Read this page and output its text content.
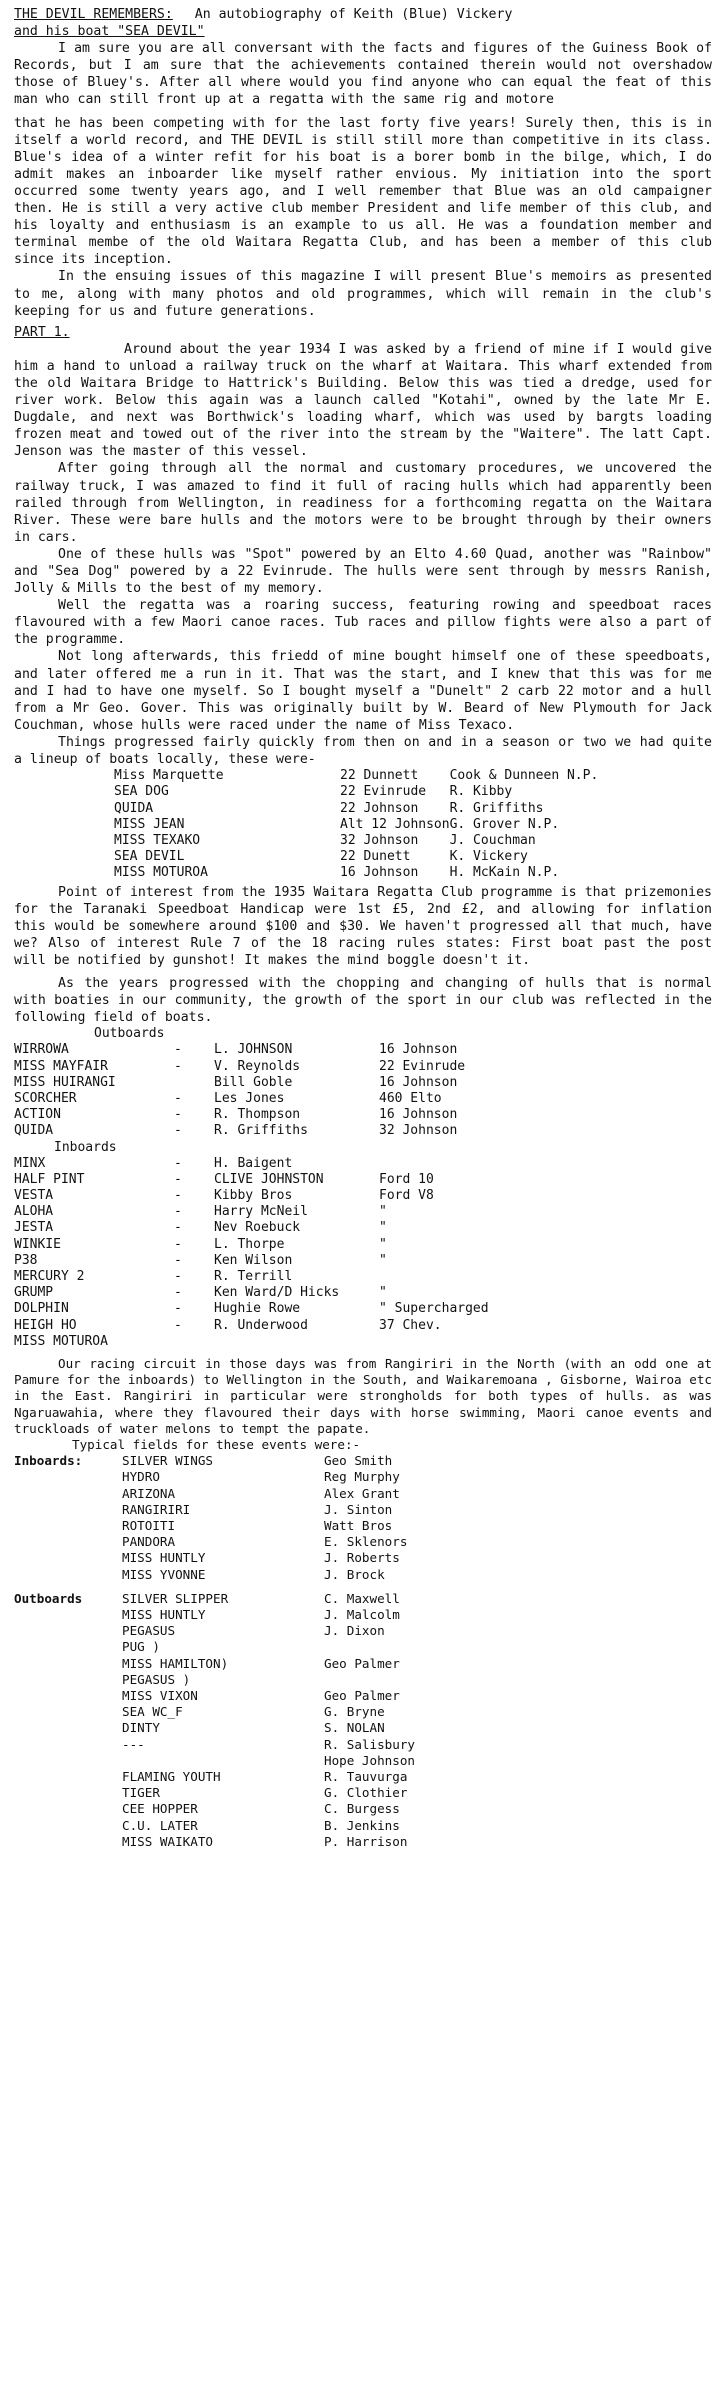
THE DEVIL REMEMBERS: An autobiography of Keith (Blue) Vickery
and his boat "SEA DEVIL"

I am sure you are all conversant with the facts and figures of the Guiness Book of Records, but I am sure that the achievements contained therein would not overshadow those of Bluey's. After all where would you find anyone who can equal the feat of this man who can still front up at a regatta with the same rig and motore

that he has been competing with for the last forty five years! Surely then, this is in itself a world record, and THE DEVIL is still still more than competitive in its class. Blue's idea of a winter refit for his boat is a borer bomb in the bilge, which, I do admit makes an inboarder like myself rather envious. My initiation into the sport occurred some twenty years ago, and I well remember that Blue was an old campaigner then. He is still a very active club member President and life member of this club, and his loyalty and enthusiasm is an example to us all. He was a foundation member and terminal membe of the old Waitara Regatta Club, and has been a member of this club since its inception.

In the ensuing issues of this magazine I will present Blue's memoirs as presented to me, along with many photos and old programmes, which will remain in the club's keeping for us and future generations.

PART 1.

Around about the year 1934 I was asked by a friend of mine if I would give him a hand to unload a railway truck on the wharf at Waitara. This wharf extended from the old Waitara Bridge to Hattrick's Building. Below this was tied a dredge, used for river work. Below this again was a launch called "Kotahi", owned by the late Mr E. Dugdale, and next was Borthwick's loading wharf, which was used by bargts loading frozen meat and towed out of the river into the stream by the "Waitere". The latt Capt. Jenson was the master of this vessel.

After going through all the normal and customary procedures, we uncovered the railway truck, I was amazed to find it full of racing hulls which had apparently been railed through from Wellington, in readiness for a forthcoming regatta on the Waitara River. These were bare hulls and the motors were to be brought through by their owners in cars.

One of these hulls was "Spot" powered by an Elto 4.60 Quad, another was "Rainbow" and "Sea Dog" powered by a 22 Evinrude. The hulls were sent through by messrs Ranish, Jolly & Mills to the best of my memory.

Well the regatta was a roaring success, featuring rowing and speedboat races flavoured with a few Maori canoe races. Tub races and pillow fights were also a part of the programme.

Not long afterwards, this friedd of mine bought himself one of these speedboats, and later offered me a run in it. That was the start, and I knew that this was for me and I had to have one myself. So I bought myself a "Dunelt" 2 carb 22 motor and a hull from a Mr Geo. Gover. This was originally built by W. Beard of New Plymouth for Jack Couchman, whose hulls were raced under the name of Miss Texaco.

Things progressed fairly quickly from then on and in a season or two we had quite a lineup of boats locally, these were-

Miss Marquette	22 Dunnett	Cook & Dunneen N.P.
SEA DOG	22 Evinrude	R. Kibby
QUIDA	22 Johnson	R. Griffiths
MISS JEAN	Alt 12 Johnson	G. Grover N.P.
MISS TEXAKO	32 Johnson	J. Couchman
SEA DEVIL	22 Dunett	K. Vickery
MISS MOTUROA	16 Johnson	H. McKain N.P.

Point of interest from the 1935 Waitara Regatta Club programme is that prizemonies for the Taranaki Speedboat Handicap were 1st £5, 2nd £2, and allowing for inflation this would be somewhere around $100 and $30. We haven't progressed all that much, have we? Also of interest Rule 7 of the 18 racing rules states: First boat past the post will be notified by gunshot! It makes the mind boggle doesn't it.

As the years progressed with the chopping and changing of hulls that is normal with boaties in our community, the growth of the sport in our club was reflected in the following field of boats.

Outboards
WIRROWA	-	L. JOHNSON	16 Johnson
MISS MAYFAIR	-	V. Reynolds	22 Evinrude
MISS HUIRANGI		Bill Goble	16 Johnson
SCORCHER	-	Les Jones	460 Elto
ACTION	-	R. Thompson	16 Johnson
QUIDA	-	R. Griffiths	32 Johnson
Inboards
MINX	-	H. Baigent	
HALF PINT	-	CLIVE JOHNSTON	Ford 10
VESTA	-	Kibby Bros	Ford V8
ALOHA	-	Harry McNeil	"
JESTA	-	Nev Roebuck	"
WINKIE	-	L. Thorpe	"
P38	-	Ken Wilson	"
MERCURY 2	-	R. Terrill	
GRUMP	-	Ken Ward/D Hicks	"
DOLPHIN	-	Hughie Rowe	" Supercharged
HEIGH HO	-	R. Underwood	37 Chev.
MISS MOTUROA			

Our racing circuit in those days was from Rangiriri in the North (with an odd one at Pamure for the inboards) to Wellington in the South, and Waikaremoana , Gisborne, Wairoa etc in the East. Rangiriri in particular were strongholds for both types of hulls. as was Ngaruawahia, where they flavoured their days with horse swimming, Maori canoe events and truckloads of water melons to tempt the papate.

Typical fields for these events were:-
Inboards:	SILVER WINGS	Geo Smith
	HYDRO	Reg Murphy
	ARIZONA	Alex Grant
	RANGIRIRI	J. Sinton
	ROTOITI	Watt Bros
	PANDORA	E. Sklenors
	MISS HUNTLY	J. Roberts
	MISS YVONNE	J. Brock
Outboards	SILVER SLIPPER	C. Maxwell
	MISS HUNTLY	J. Malcolm
	PEGASUS	J. Dixon
	PUG )	
	MISS HAMILTON)	Geo Palmer
	PEGASUS )	
	MISS VIXON	Geo Palmer
	SEA WC_F	G. Bryne
	DINTY	S. NOLAN
	---	R. Salisbury
		Hope Johnson
	FLAMING YOUTH	R. Tauvurga
	TIGER	G. Clothier
	CEE HOPPER	C. Burgess
	C.U. LATER	B. Jenkins
	MISS WAIKATO	P. Harrison
